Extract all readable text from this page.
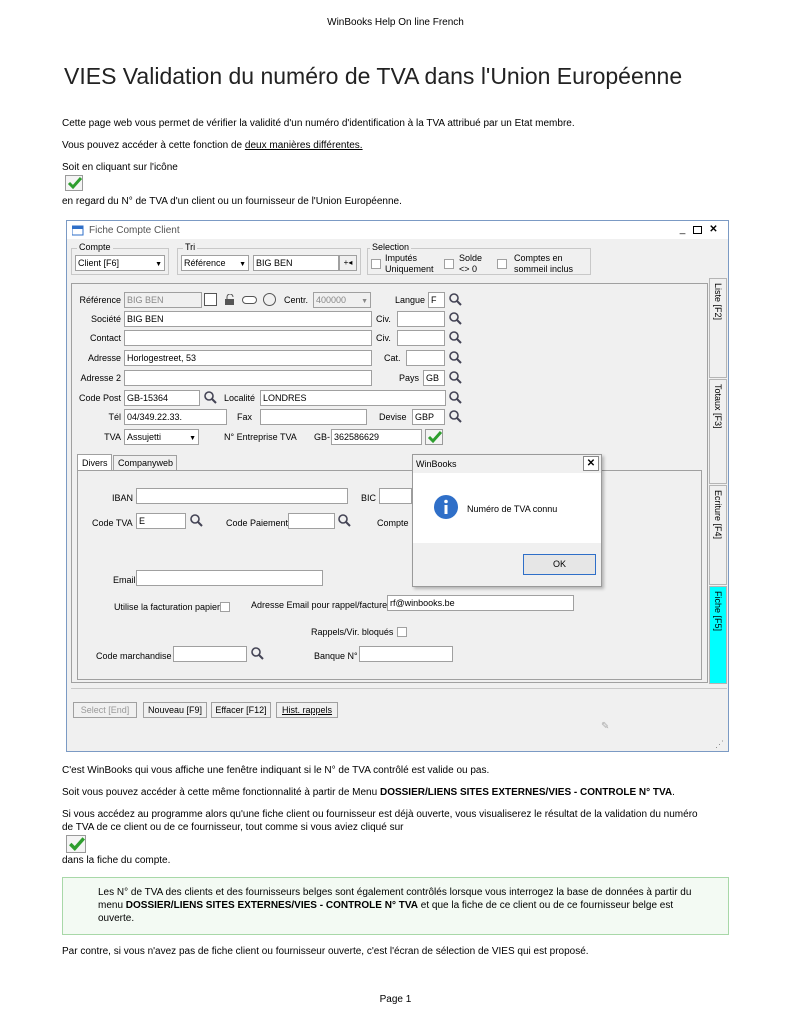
WinBooks Help On line French
VIES Validation du numéro de TVA dans l'Union Européenne
Cette page web vous permet de vérifier la validité d'un numéro d'identification à la TVA attribué par un Etat membre.
Vous pouvez accéder à cette fonction de deux manières différentes.
Soit en cliquant sur l'icône
en regard du N° de TVA d'un client ou un fournisseur de l'Union Européenne.
Fiche Compte Client	_	✕
Compte
Client [F6]	▼
Tri
Référence ▼	BIG BEN	+◂
Selection
Imputés
Uniquement
Solde
<> 0
Comptes en
sommeil inclus
Référence BIG BEN	Centr. 400000 ▼	Langue F
Société BIG BEN	Civ.
Contact	Civ.
Adresse Horlogestreet, 53	Cat.
Adresse 2	Pays GB
Code Post GB-15364	Localité LONDRES
Tél 04/349.22.33.	Fax	Devise GBP
TVA Assujetti	▼	N° Entreprise TVA GB- 362586629
Divers Companyweb
IBAN	BIC
Code TVA E	Code Paiement	Compte
Email
Utilise la facturation papier	Adresse Email pour rappel/facture rf@winbooks.be
Rappels/Vir. bloqués
Code marchandise	Banque N°
Liste [F2]
Totaux [F3]
Ecriture [F4]
Fiche [F5]
Select [End]	Nouveau [F9]	Effacer [F12]	Hist. rappels
✎
⋰
WinBooks	✕
Numéro de TVA connu
OK
C'est WinBooks qui vous affiche une fenêtre indiquant si le N° de TVA contrôlé est valide ou pas.
Soit vous pouvez accéder à cette même fonctionnalité à partir de Menu DOSSIER/LIENS SITES EXTERNES/VIES - CONTROLE N° TVA.
Si vous accédez au programme alors qu'une fiche client ou fournisseur est déjà ouverte, vous visualiserez le résultat de la validation du numéro
de TVA de ce client ou de ce fournisseur, tout comme si vous aviez cliqué sur
dans la fiche du compte.
Les N° de TVA des clients et des fournisseurs belges sont également contrôlés lorsque vous interrogez la base de données à partir du
menu DOSSIER/LIENS SITES EXTERNES/VIES - CONTROLE N° TVA et que la fiche de ce client ou de ce fournisseur belge est
ouverte.
Par contre, si vous n'avez pas de fiche client ou fournisseur ouverte, c'est l'écran de sélection de VIES qui est proposé.
Page 1
